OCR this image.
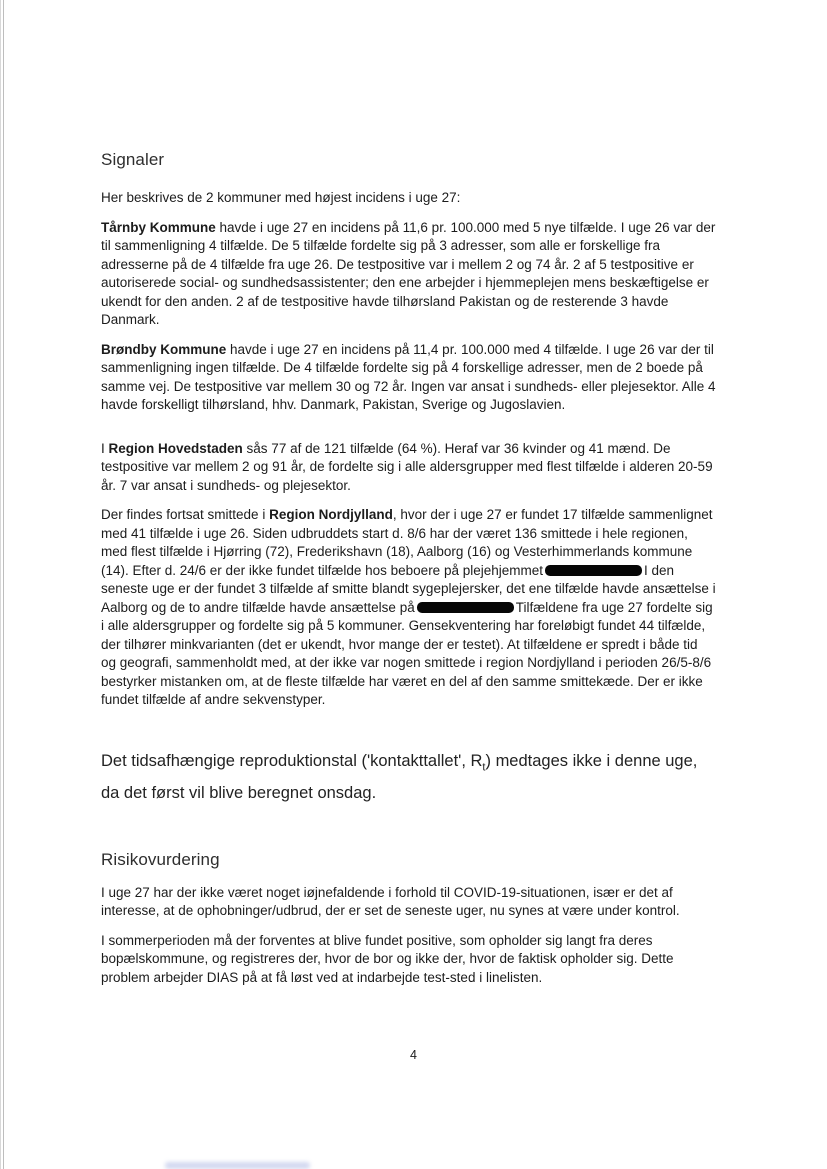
Signaler

Her beskrives de 2 kommuner med højest incidens i uge 27:

Tårnby Kommune havde i uge 27 en incidens på 11,6 pr. 100.000 med 5 nye tilfælde. I uge 26 var der til sammenligning 4 tilfælde. De 5 tilfælde fordelte sig på 3 adresser, som alle er forskellige fra adresserne på de 4 tilfælde fra uge 26. De testpositive var i mellem 2 og 74 år. 2 af 5 testpositive er autoriserede social- og sundhedsassistenter; den ene arbejder i hjemmeplejen mens beskæftigelse er ukendt for den anden. 2 af de testpositive havde tilhørsland Pakistan og de resterende 3 havde Danmark.

Brøndby Kommune havde i uge 27 en incidens på 11,4 pr. 100.000 med 4 tilfælde. I uge 26 var der til sammenligning ingen tilfælde. De 4 tilfælde fordelte sig på 4 forskellige adresser, men de 2 boede på samme vej. De testpositive var mellem 30 og 72 år. Ingen var ansat i sundheds- eller plejesektor. Alle 4 havde forskelligt tilhørsland, hhv. Danmark, Pakistan, Sverige og Jugoslavien.

I Region Hovedstaden sås 77 af de 121 tilfælde (64 %). Heraf var 36 kvinder og 41 mænd. De testpositive var mellem 2 og 91 år, de fordelte sig i alle aldersgrupper med flest tilfælde i alderen 20-59 år. 7 var ansat i sundheds- og plejesektor.

Der findes fortsat smittede i Region Nordjylland, hvor der i uge 27 er fundet 17 tilfælde sammenlignet med 41 tilfælde i uge 26. Siden udbruddets start d. 8/6 har der været 136 smittede i hele regionen, med flest tilfælde i Hjørring (72), Frederikshavn (18), Aalborg (16) og Vesterhimmerlands kommune (14). Efter d. 24/6 er der ikke fundet tilfælde hos beboere på plejehjemmet	I den seneste uge er der fundet 3 tilfælde af smitte blandt sygeplejersker, det ene tilfælde havde ansættelse i Aalborg og de to andre tilfælde havde ansættelse på	Tilfældene fra uge 27 fordelte sig i alle aldersgrupper og fordelte sig på 5 kommuner. Gensekventering har foreløbigt fundet 44 tilfælde, der tilhører minkvarianten (det er ukendt, hvor mange der er testet). At tilfældene er spredt i både tid og geografi, sammenholdt med, at der ikke var nogen smittede i region Nordjylland i perioden 26/5-8/6 bestyrker mistanken om, at de fleste tilfælde har været en del af den samme smittekæde. Der er ikke fundet tilfælde af andre sekvenstyper.

Det tidsafhængige reproduktionstal ('kontakttallet', $R_t$) medtages ikke i denne uge, da det først vil blive beregnet onsdag.

Risikovurdering

I uge 27 har der ikke været noget iøjnefaldende i forhold til COVID-19-situationen, især er det af interesse, at de ophobninger/udbrud, der er set de seneste uger, nu synes at være under kontrol.

I sommerperioden må der forventes at blive fundet positive, som opholder sig langt fra deres bopælskommune, og registreres der, hvor de bor og ikke der, hvor de faktisk opholder sig. Dette problem arbejder DIAS på at få løst ved at indarbejde test-sted i linelisten.

4
